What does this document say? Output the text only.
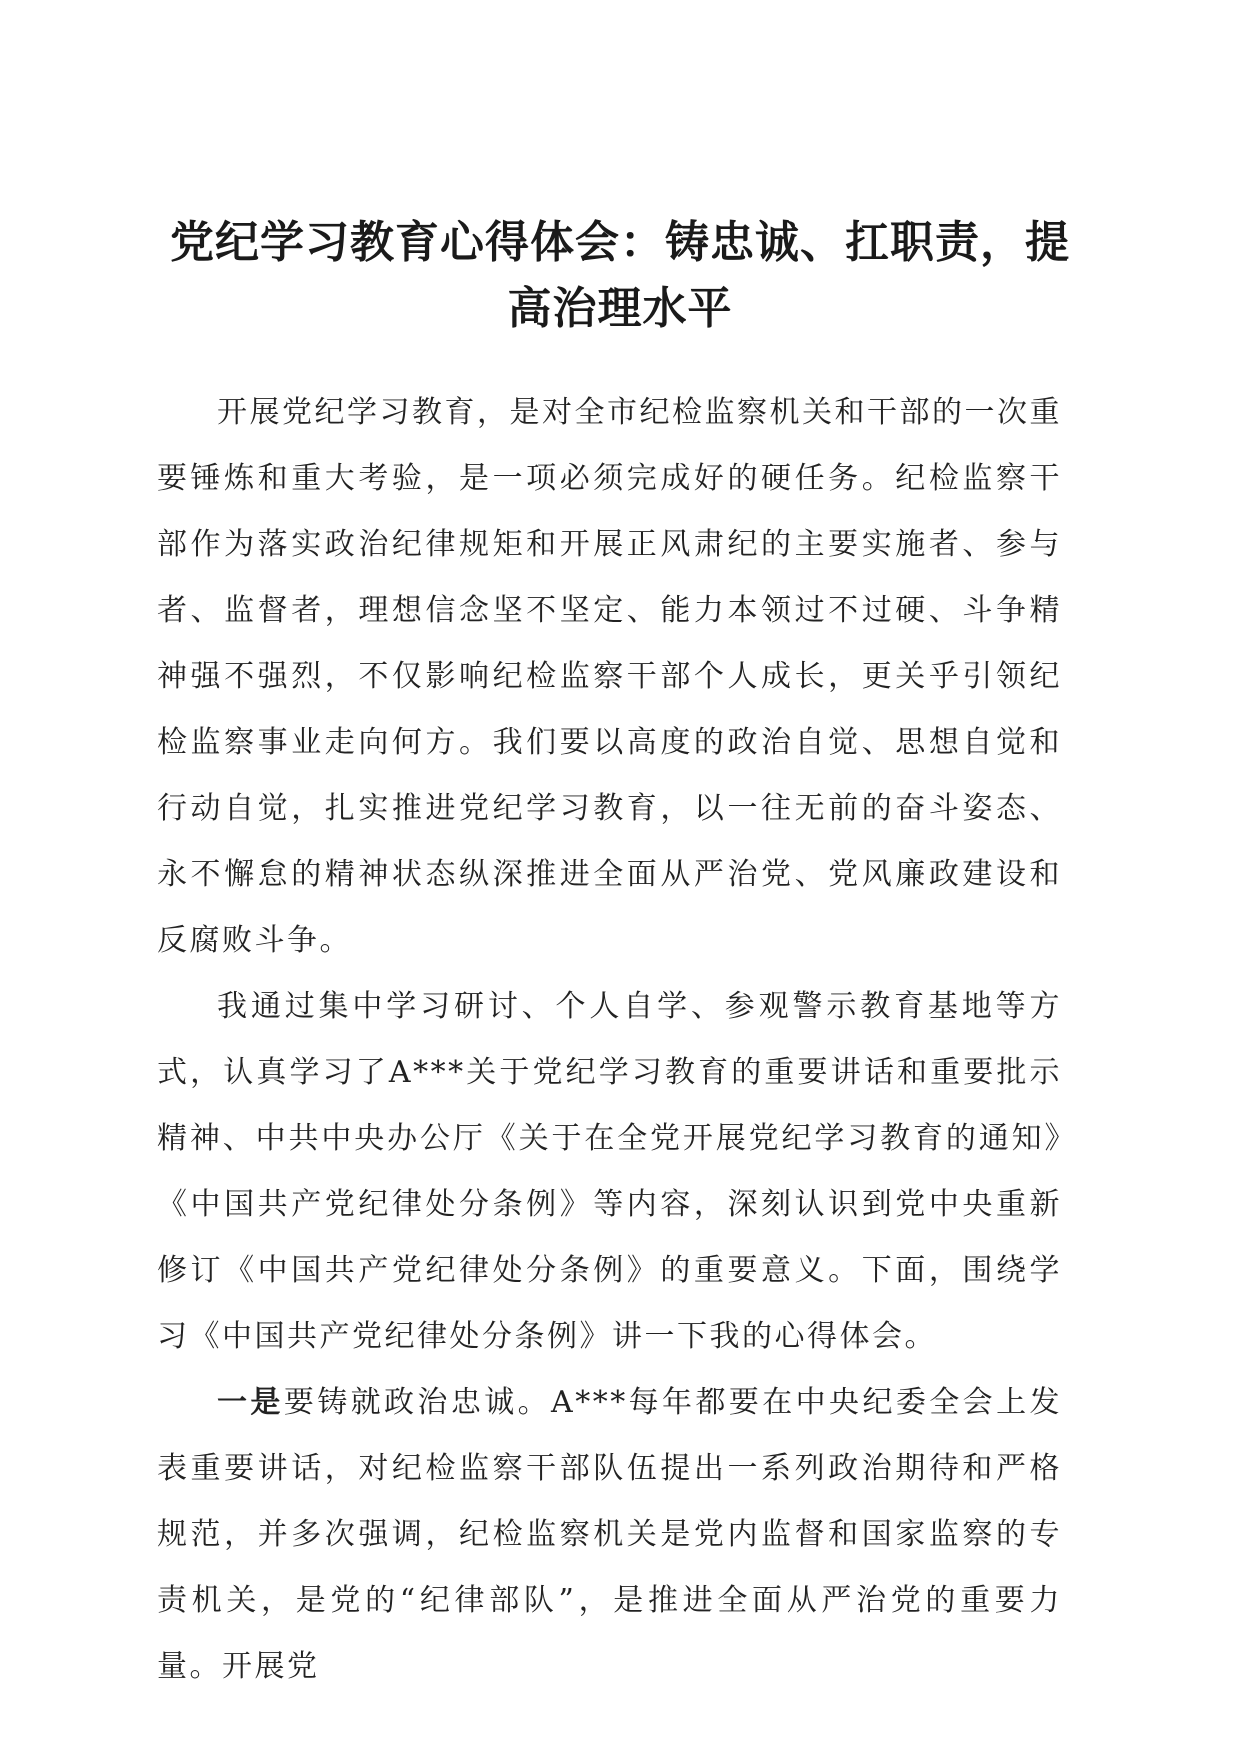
党纪学习教育心得体会：铸忠诚、扛职责，提高治理水平

开展党纪学习教育，是对全市纪检监察机关和干部的一次重要锤炼和重大考验，是一项必须完成好的硬任务。纪检监察干部作为落实政治纪律规矩和开展正风肃纪的主要实施者、参与者、监督者，理想信念坚不坚定、能力本领过不过硬、斗争精神强不强烈，不仅影响纪检监察干部个人成长，更关乎引领纪检监察事业走向何方。我们要以高度的政治自觉、思想自觉和行动自觉，扎实推进党纪学习教育，以一往无前的奋斗姿态、永不懈怠的精神状态纵深推进全面从严治党、党风廉政建设和反腐败斗争。

我通过集中学习研讨、个人自学、参观警示教育基地等方式，认真学习了A***关于党纪学习教育的重要讲话和重要批示精神、中共中央办公厅《关于在全党开展党纪学习教育的通知》《中国共产党纪律处分条例》等内容，深刻认识到党中央重新修订《中国共产党纪律处分条例》的重要意义。下面，围绕学习《中国共产党纪律处分条例》讲一下我的心得体会。

一是要铸就政治忠诚。A***每年都要在中央纪委全会上发表重要讲话，对纪检监察干部队伍提出一系列政治期待和严格规范，并多次强调，纪检监察机关是党内监督和国家监察的专责机关，是党的“纪律部队”，是推进全面从严治党的重要力量。开展党
